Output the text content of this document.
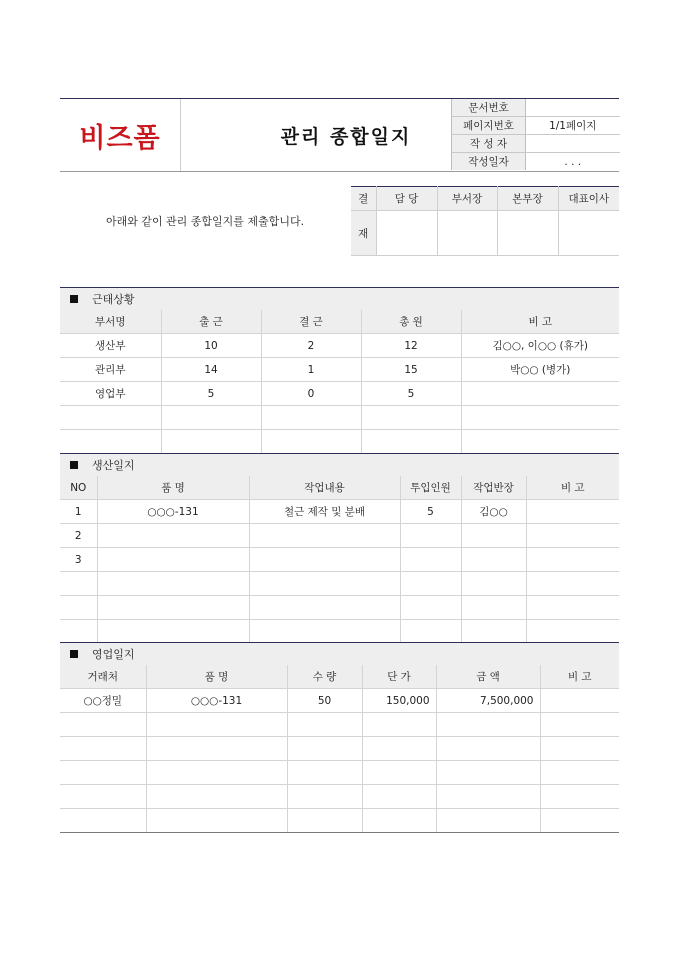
비즈폼	관리 종합일지
문서번호	
페이지번호	1/1페이지
작 성 자	
작성일자	. . .
아래와 같이 관리 종합일지를 제출합니다.
결	담 당	부서장	본부장	대표이사
재				
근태상황
부서명	출 근	결 근	총 원	비 고
생산부	10	2	12	김○○, 이○○ (휴가)
관리부	14	1	15	박○○ (병가)
영업부	5	0	5	

생산일지
NO	품 명	작업내용	투입인원	작업반장	비 고
1	○○○-131	철근 제작 및 분배	5	김○○	
2					
3					

영업일지
거래처	품 명	수 량	단 가	금 액	비 고
○○정밀	○○○-131	50	150,000	7,500,000	
